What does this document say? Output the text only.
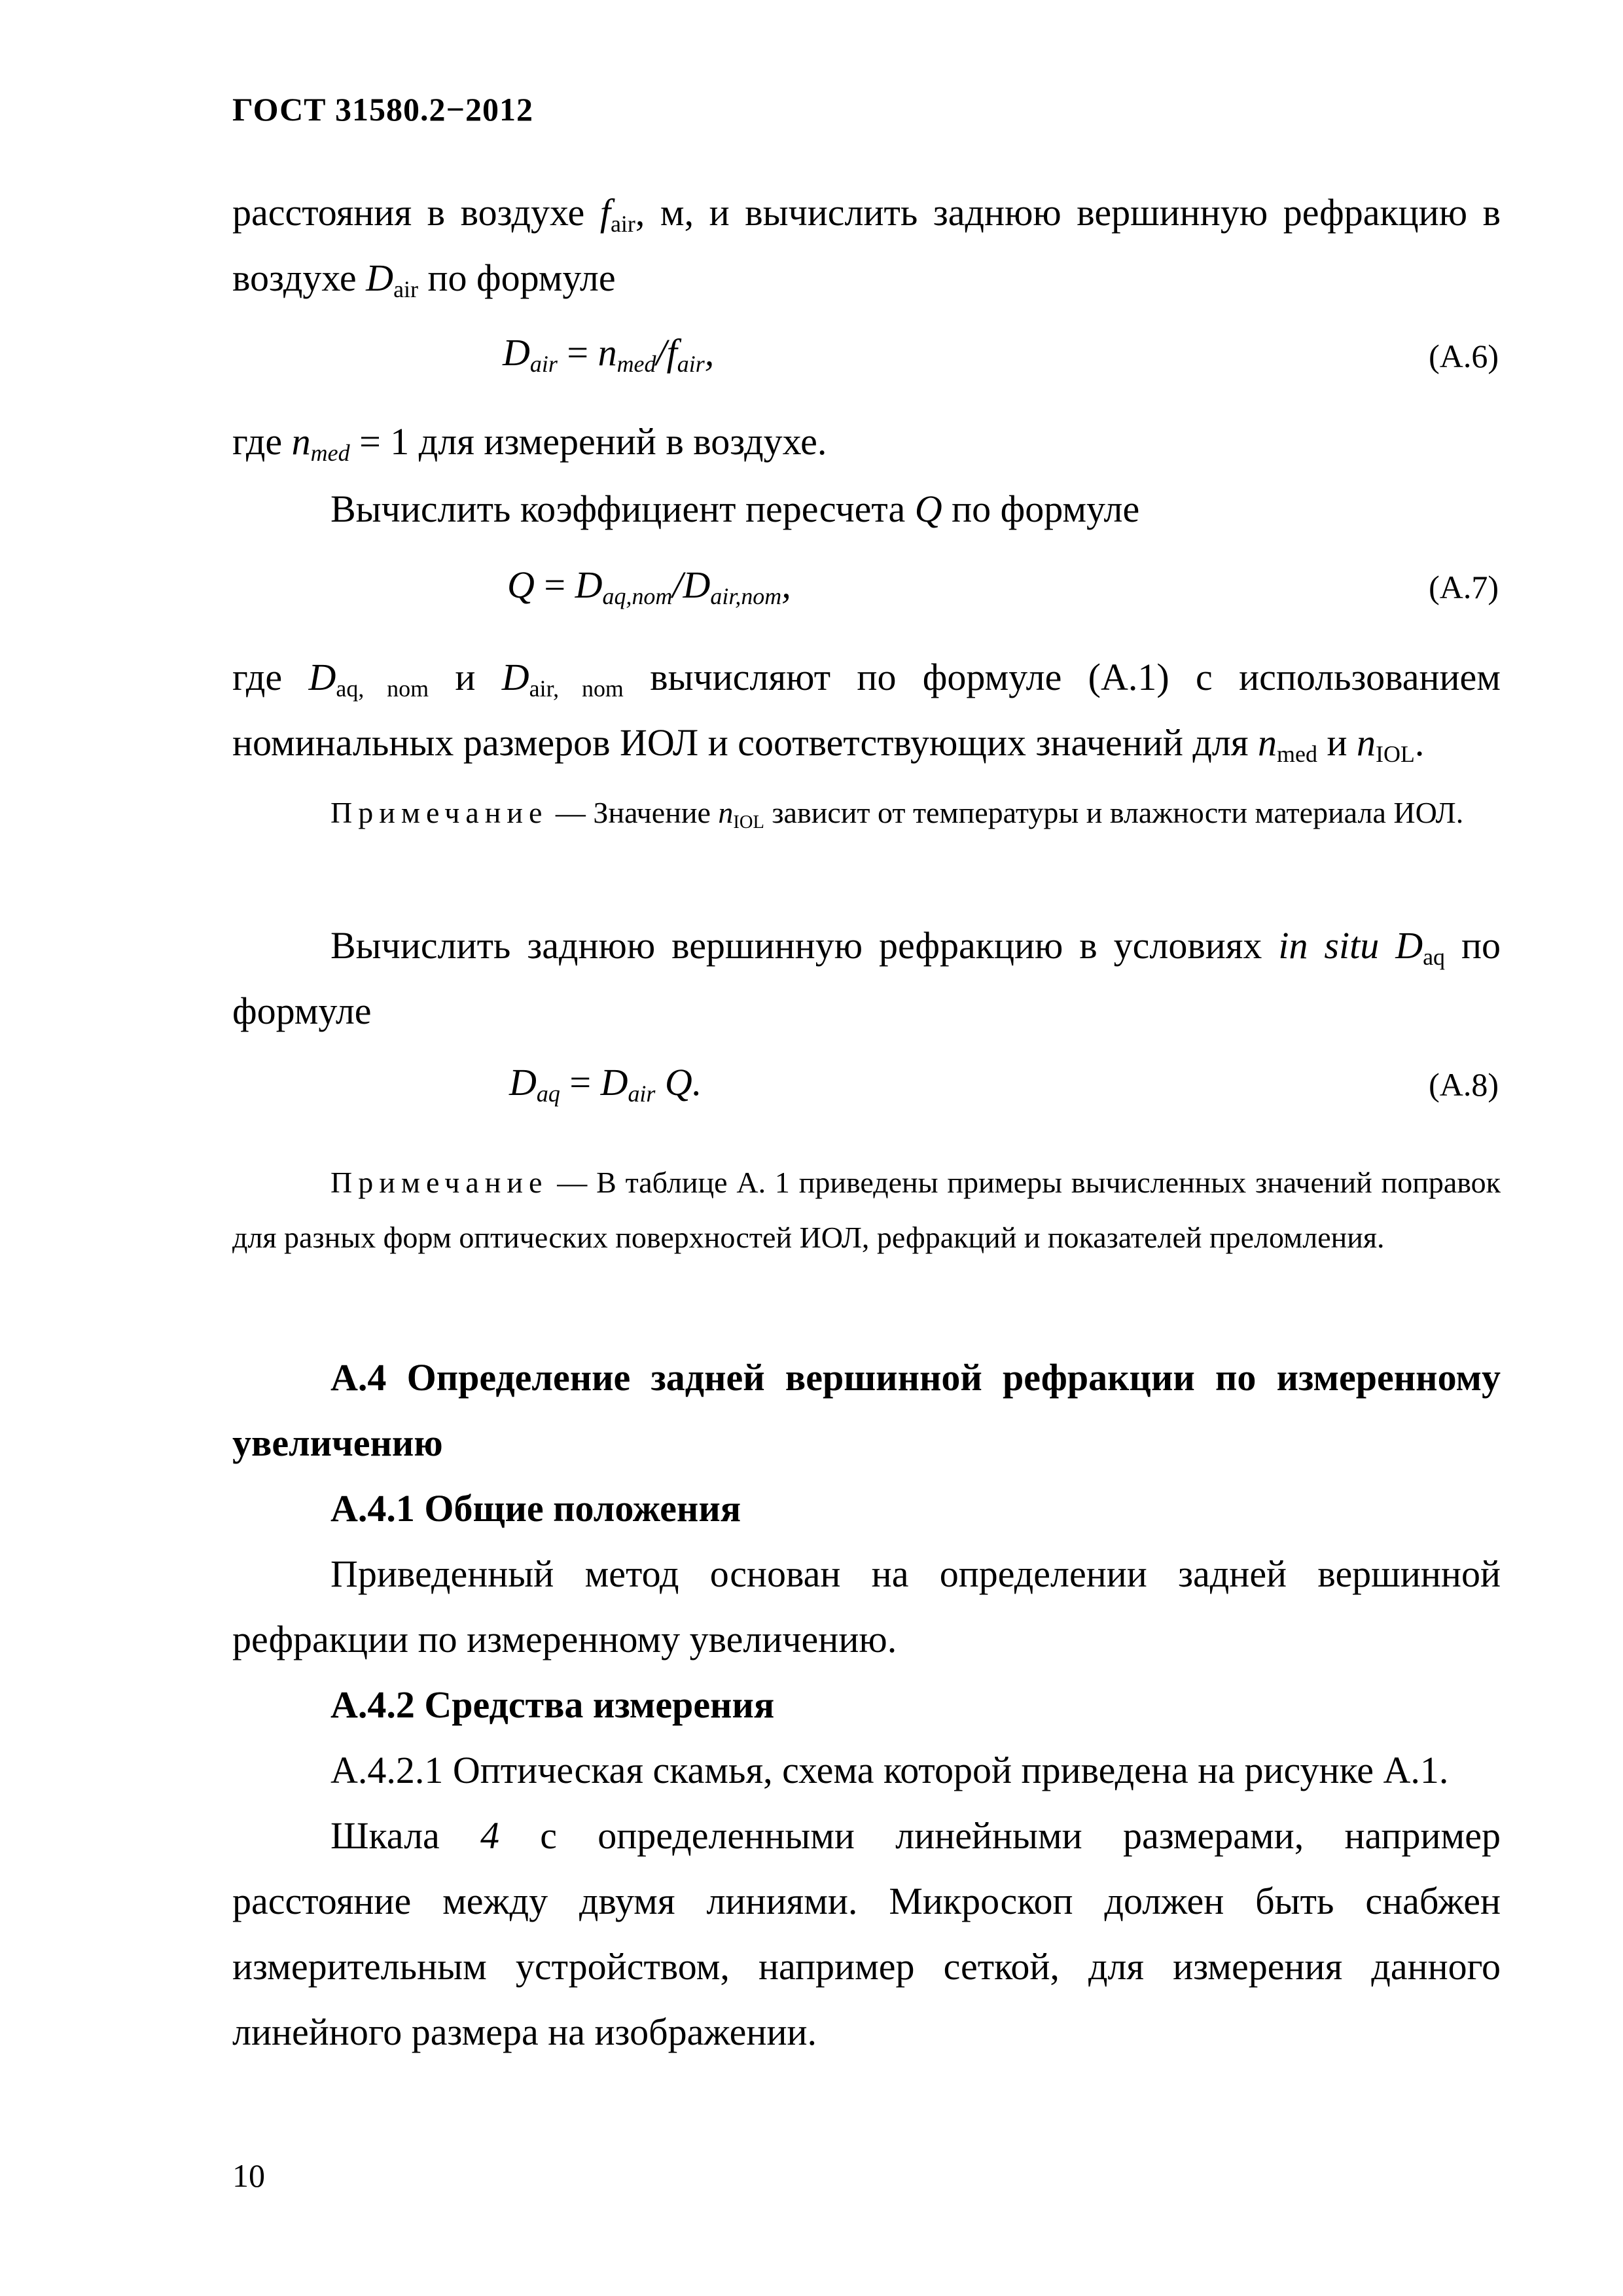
ГОСТ 31580.2−2012

расстояния в воздухе $f_{air}$, м, и вычислить заднюю вершинную рефракцию в воздухе $D_{air}$ по формуле

$D_{air} = n_{med}/f_{air}$,	(А.6)

где $n_{med} = 1$ для измерений в воздухе.

Вычислить коэффициент пересчета Q по формуле

$Q = D_{aq,nom}/D_{air,nom}$,	(А.7)

где $D_{aq, nom}$ и $D_{air, nom}$ вычисляют по формуле (А.1) с использованием номинальных размеров ИОЛ и соответствующих значений для $n_{med}$ и $n_{IOL}$.

Примечание — Значение $n_{IOL}$ зависит от температуры и влажности материала ИОЛ.

Вычислить заднюю вершинную рефракцию в условиях in situ $D_{aq}$ по формуле

$D_{aq} = D_{air}$ Q.	(А.8)

Примечание — В таблице А. 1 приведены примеры вычисленных значений поправок для разных форм оптических поверхностей ИОЛ, рефракций и показателей преломления.

А.4 Определение задней вершинной рефракции по измеренному увеличению

А.4.1 Общие положения

Приведенный метод основан на определении задней вершинной рефракции по измеренному увеличению.

А.4.2 Средства измерения

А.4.2.1 Оптическая скамья, схема которой приведена на рисунке А.1.

Шкала 4 с определенными линейными размерами, например расстояние между двумя линиями. Микроскоп должен быть снабжен измерительным устройством, например сеткой, для измерения данного линейного размера на изображении.

10
